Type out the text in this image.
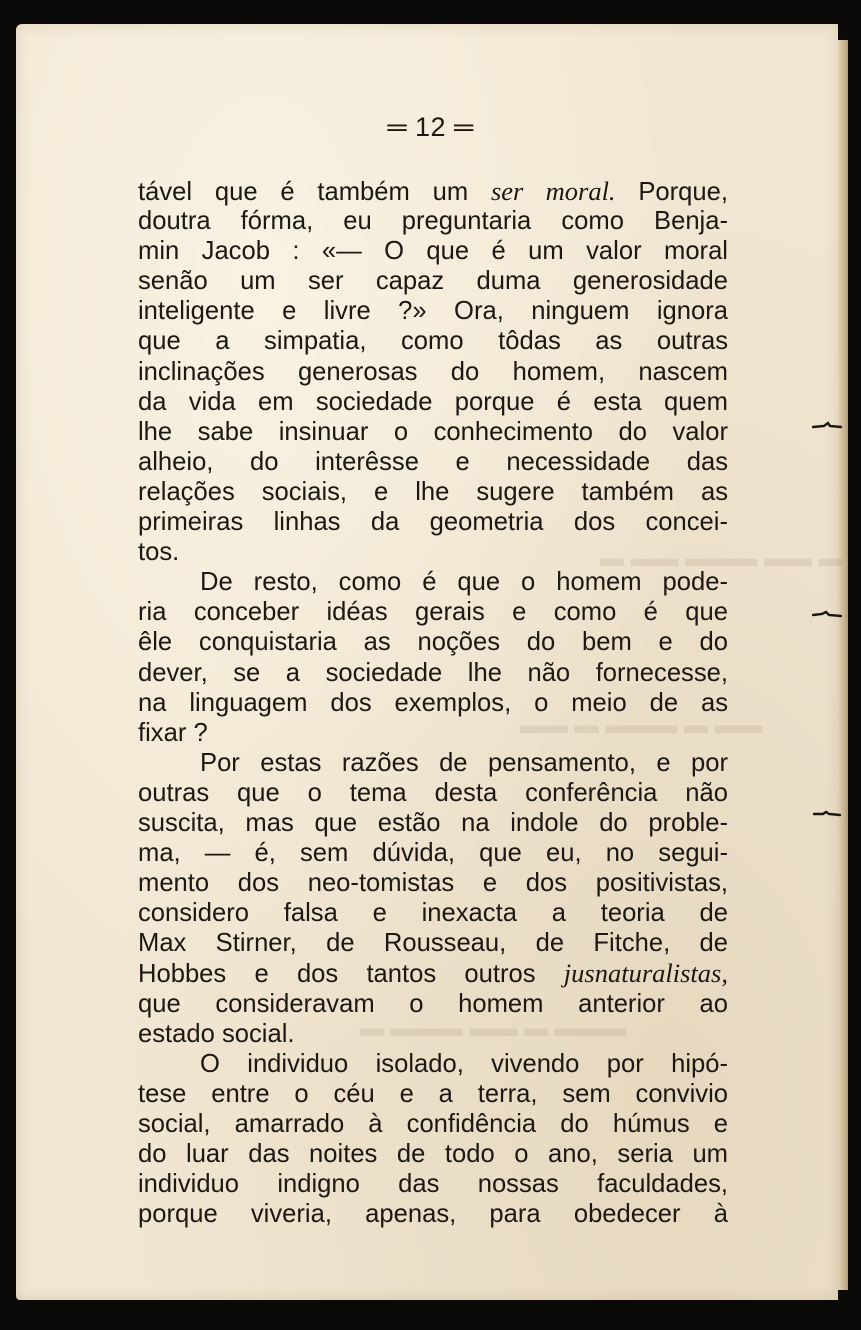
▬ ▬▬ ▬▬▬ ▬▬ ▬
▬▬ ▬ ▬▬▬ ▬ ▬▬
▬▬▬ ▬ ▬▬ ▬▬▬ ▬
═ 12 ═
tável que é também um ser moral. Porque,
doutra fórma, eu preguntaria como Benja-
min Jacob : «— O que é um valor moral
senão um ser capaz duma generosidade
inteligente e livre ?» Ora, ninguem ignora
que a simpatia, como tôdas as outras
inclinações generosas do homem, nascem
da vida em sociedade porque é esta quem
lhe sabe insinuar o conhecimento do valor
alheio, do interêsse e necessidade das
relações sociais, e lhe sugere também as
primeiras linhas da geometria dos concei-
tos.
De resto, como é que o homem pode-
ria conceber idéas gerais e como é que
êle conquistaria as noções do bem e do
dever, se a sociedade lhe não fornecesse,
na linguagem dos exemplos, o meio de as
fixar ?
Por estas razões de pensamento, e por
outras que o tema desta conferência não
suscita, mas que estão na indole do proble-
ma, — é, sem dúvida, que eu, no segui-
mento dos neo-tomistas e dos positivistas,
considero falsa e inexacta a teoria de
Max Stirner, de Rousseau, de Fitche, de
Hobbes e dos tantos outros jusnaturalistas,
que consideravam o homem anterior ao
estado social.
O individuo isolado, vivendo por hipó-
tese entre o céu e a terra, sem convivio
social, amarrado à confidência do húmus e
do luar das noites de todo o ano, seria um
individuo indigno das nossas faculdades,
porque viveria, apenas, para obedecer à
